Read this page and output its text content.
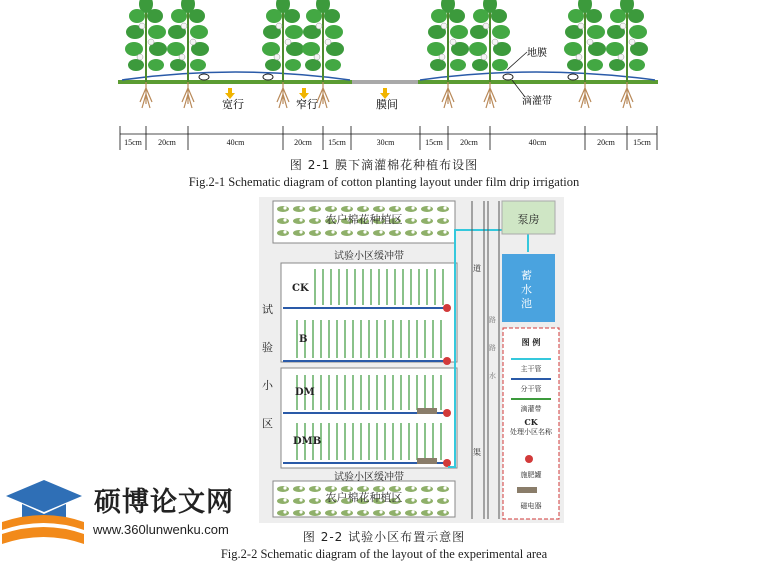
宽行	窄行	膜间
地膜
滴灌带
15cm 20cm	40cm	20cm 15cm	30cm	15cm 20cm	40cm	20cm 15cm
图 2-1 膜下滴灌棉花种植布设图
Fig.2-1 Schematic diagram of cotton planting layout under film drip irrigation
农户棉花种植区
农户棉花种植区
试验小区缓冲带
试验小区缓冲带
试
验
小
区
CK
B
DM
DMB
道
路
路
水
渠
泵房
蓄水池
图 例
主干管
分干管
滴灌带
CK
处理小区名称
施肥罐
磁电器
图 2-2 试验小区布置示意图
Fig.2-2 Schematic diagram of the layout of the experimental area
硕博论文网
www.360lunwenku.com
